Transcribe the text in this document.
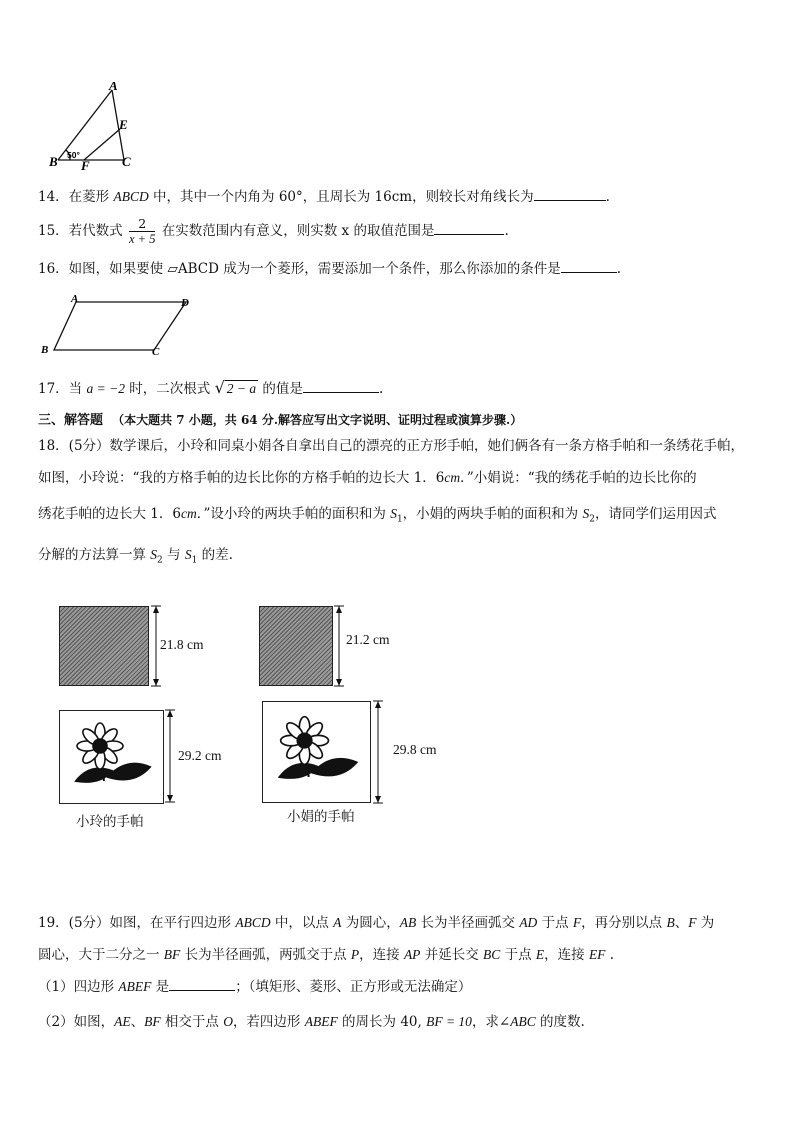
A
E
B F C
50°
14．在菱形 ABCD 中，其中一个内角为 60°，且周长为 16cm，则较长对角线长为	.
15．若代数式 $\frac{2}{x + 5}$ 在实数范围内有意义，则实数 x 的取值范围是	.
16．如图，如果要使 ▱ABCD 成为一个菱形，需要添加一个条件，那么你添加的条件是	.
A	D
B	C
17．当 a = −2 时，二次根式 √ 2 − a 的值是	.
三、解答题 （本大题共 7 小题，共 64 分.解答应写出文字说明、证明过程或演算步骤.）
18．(5分）数学课后，小玲和同桌小娟各自拿出自己的漂亮的正方形手帕，她们俩各有一条方格手帕和一条绣花手帕，
如图，小玲说：“我的方格手帕的边长比你的方格手帕的边长大 1．6cm．”小娟说：“我的绣花手帕的边长比你的
绣花手帕的边长大 1．6cm．”设小玲的两块手帕的面积和为 $S_1$，小娟的两块手帕的面积和为 $S_2$，请同学们运用因式
分解的方法算一算 $S_2$ 与 $S_1$ 的差.
21.8 cm	21.2 cm
29.2 cm
小玲的手帕
29.8 cm
小娟的手帕
19．(5分）如图，在平行四边形 ABCD 中，以点 A 为圆心，AB 长为半径画弧交 AD 于点 F，再分别以点 B、F 为
圆心，大于二分之一 BF 长为半径画弧，两弧交于点 P，连接 AP 并延长交 BC 于点 E，连接 EF .
（1）四边形 ABEF 是	；（填矩形、菱形、正方形或无法确定）
（2）如图，AE、BF 相交于点 O，若四边形 ABEF 的周长为 40, BF = 10，求∠ABC 的度数.
